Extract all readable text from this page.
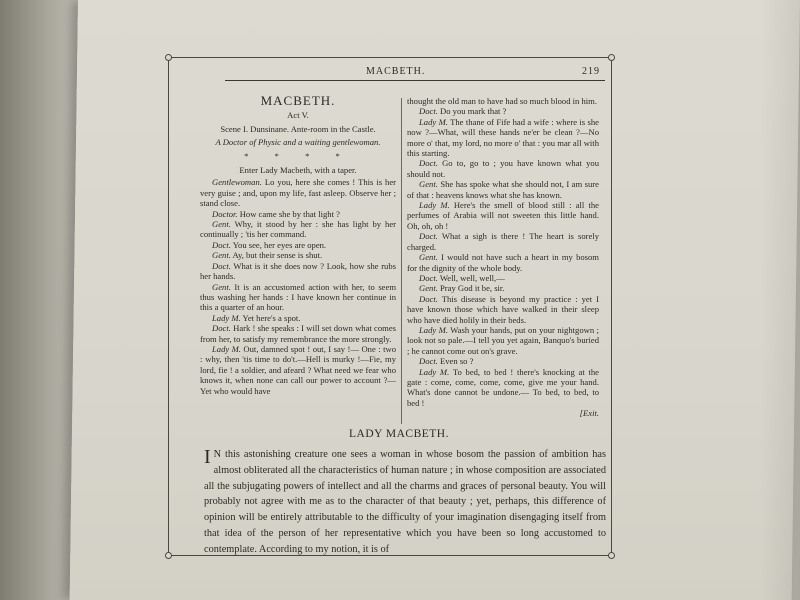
MACBETH.	219
MACBETH.
Act V.
Scene I. Dunsinane. Ante-room in the Castle.
A Doctor of Physic and a waiting gentlewoman.
* * * *
Enter Lady Macbeth, with a taper.

Gentlewoman. Lo you, here she comes ! This is her very guise ; and, upon my life, fast asleep. Observe her ; stand close.

Doctor. How came she by that light ?

Gent. Why, it stood by her : she has light by her continually ; 'tis her command.

Doct. You see, her eyes are open.

Gent. Ay, but their sense is shut.

Doct. What is it she does now ? Look, how she rubs her hands.

Gent. It is an accustomed action with her, to seem thus washing her hands : I have known her continue in this a quarter of an hour.

Lady M. Yet here's a spot.

Doct. Hark ! she speaks : I will set down what comes from her, to satisfy my remembrance the more strongly.

Lady M. Out, damned spot ! out, I say !— One : two : why, then 'tis time to do't.—Hell is murky !—Fie, my lord, fie ! a soldier, and afeard ? What need we fear who knows it, when none can call our power to account ?—Yet who would have

thought the old man to have had so much blood in him.

Doct. Do you mark that ?

Lady M. The thane of Fife had a wife : where is she now ?—What, will these hands ne'er be clean ?—No more o' that, my lord, no more o' that : you mar all with this starting.

Doct. Go to, go to ; you have known what you should not.

Gent. She has spoke what she should not, I am sure of that : heavens knows what she has known.

Lady M. Here's the smell of blood still : all the perfumes of Arabia will not sweeten this little hand. Oh, oh, oh !

Doct. What a sigh is there ! The heart is sorely charged.

Gent. I would not have such a heart in my bosom for the dignity of the whole body.

Doct. Well, well, well,—

Gent. Pray God it be, sir.

Doct. This disease is beyond my practice : yet I have known those which have walked in their sleep who have died holily in their beds.

Lady M. Wash your hands, put on your nightgown ; look not so pale.—I tell you yet again, Banquo's buried ; he cannot come out on's grave.

Doct. Even so ?

Lady M. To bed, to bed ! there's knocking at the gate : come, come, come, come, give me your hand. What's done cannot be undone.— To bed, to bed, to bed !

[Exit.

LADY MACBETH.
I N this astonishing creature one sees a woman in whose bosom the passion of ambition has almost obliterated all the characteristics of human nature ; in whose composition are associated all the subjugating powers of intellect and all the charms and graces of personal beauty. You will probably not agree with me as to the character of that beauty ; yet, perhaps, this difference of opinion will be entirely attributable to the difficulty of your imagination disengaging itself from that idea of the person of her representative which you have been so long accustomed to contemplate. According to my notion, it is of
